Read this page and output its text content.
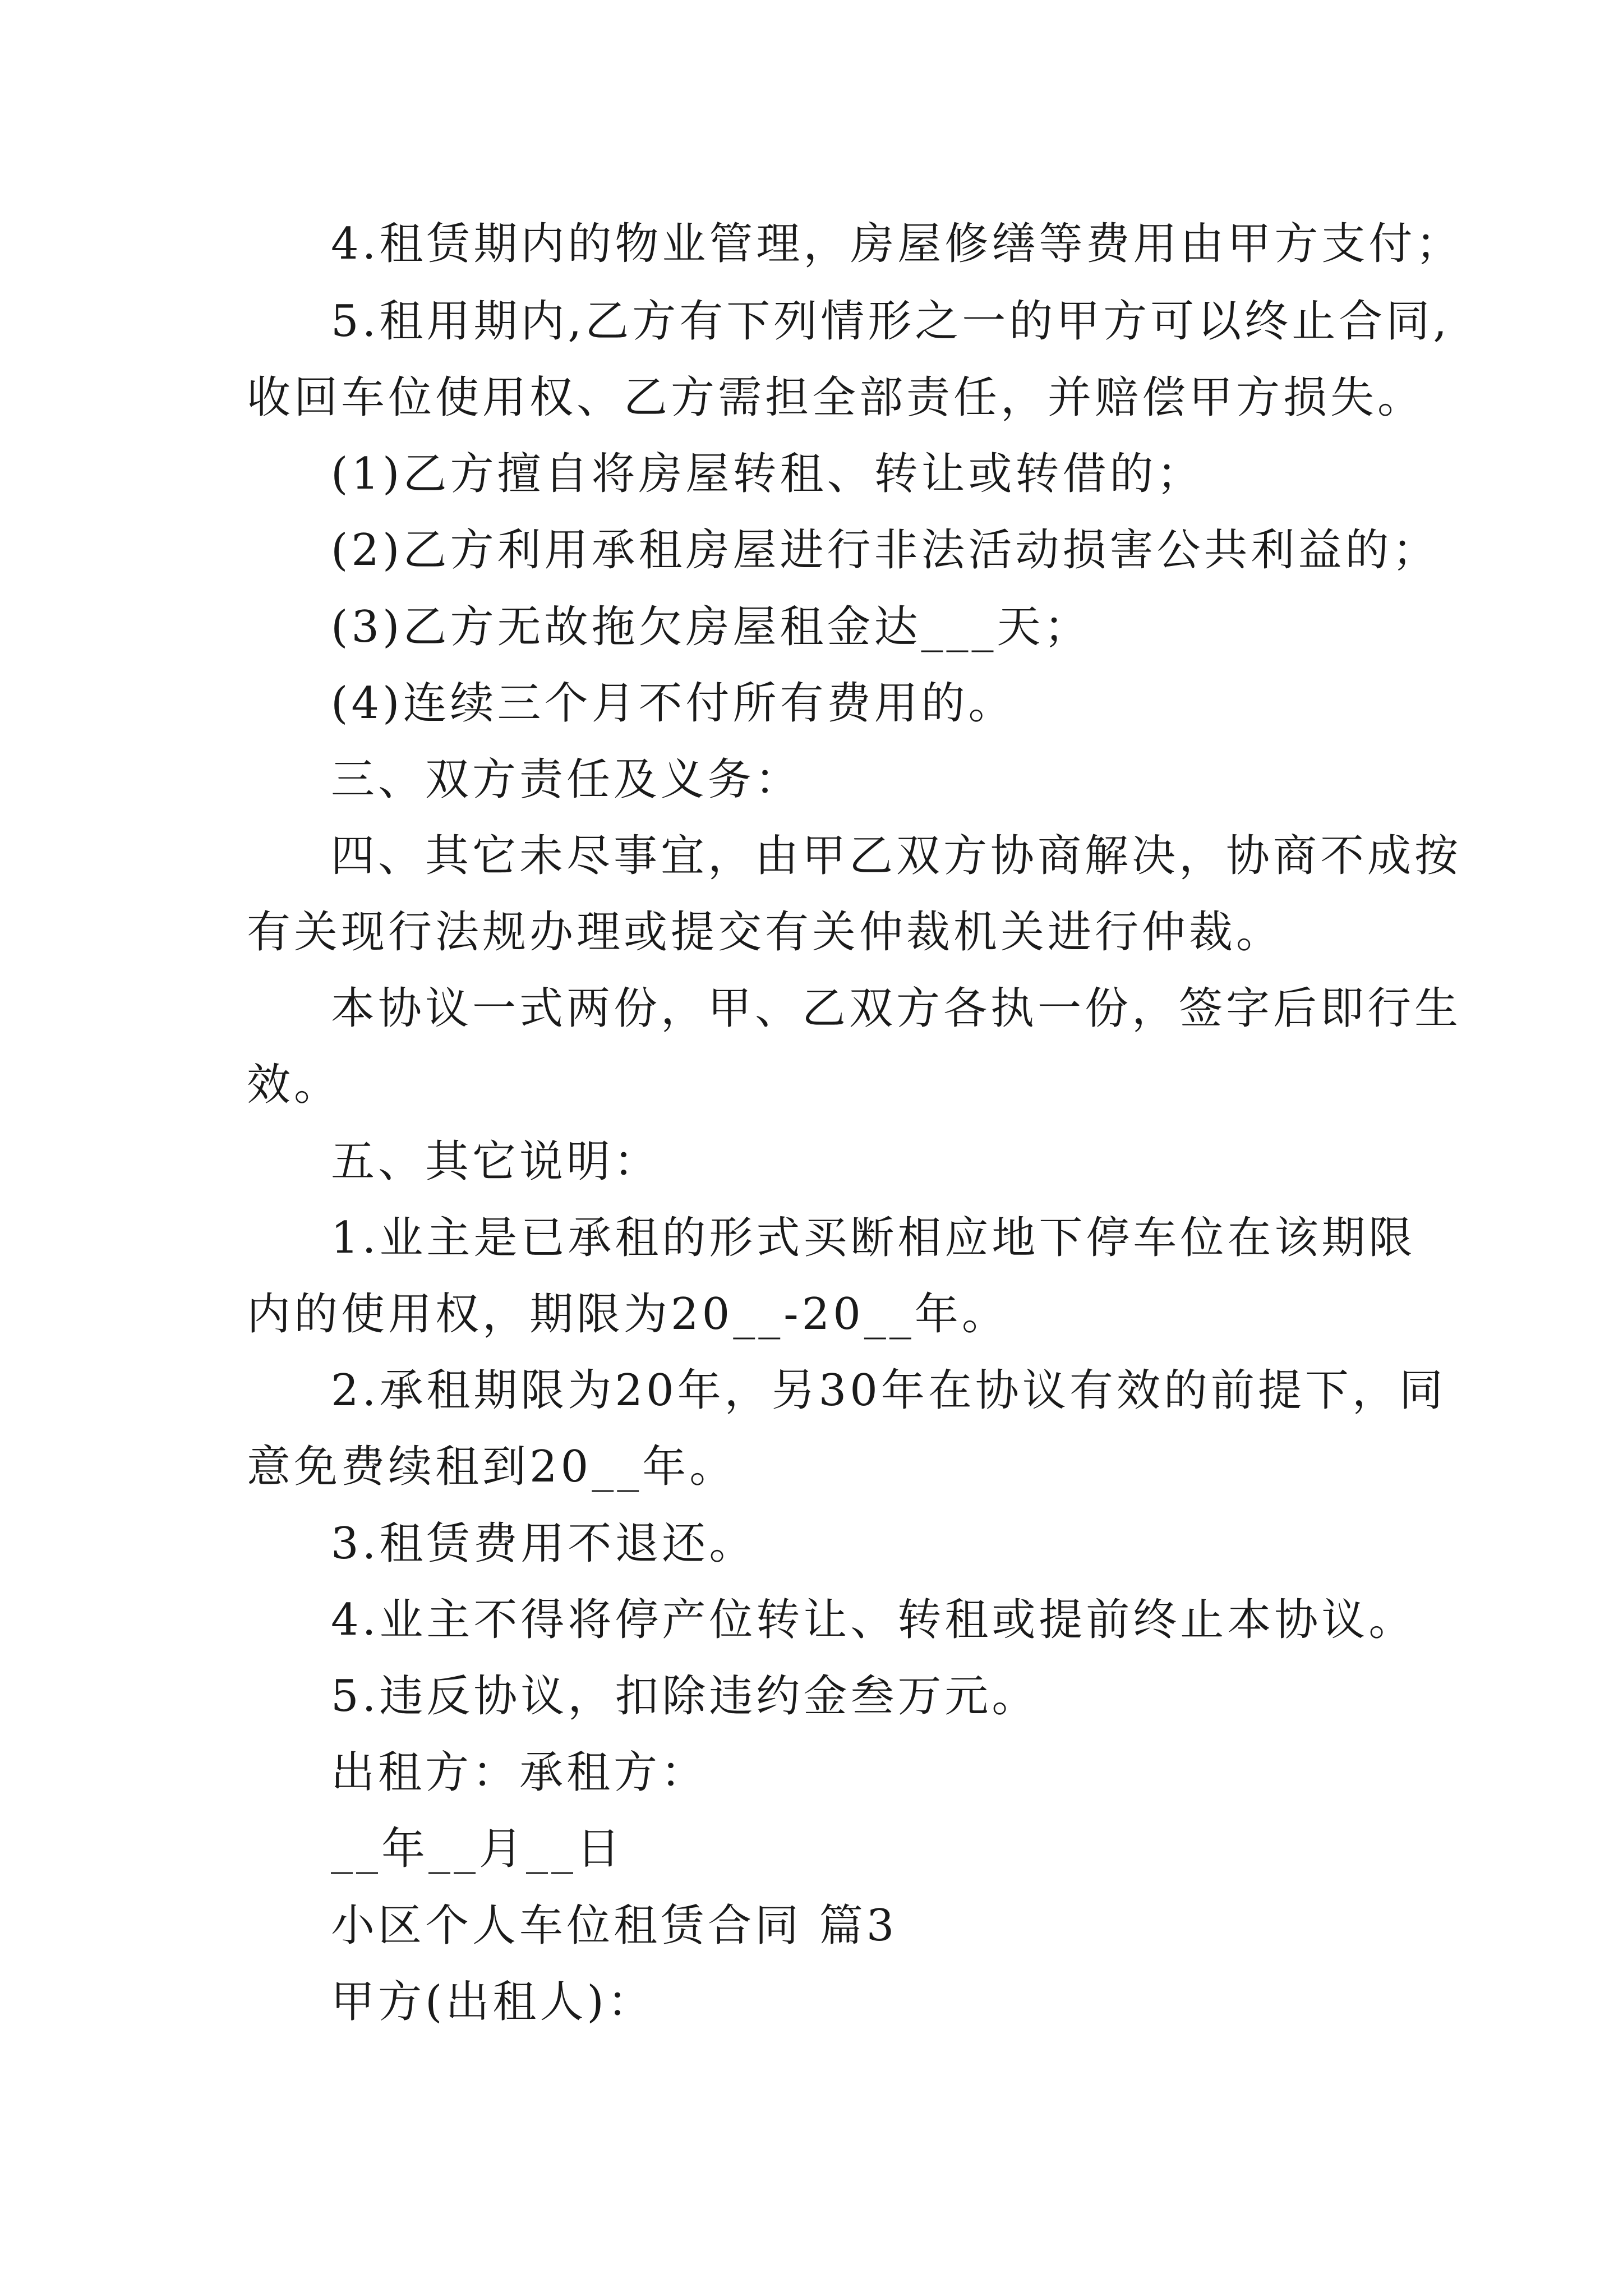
4.租赁期内的物业管理，房屋修缮等费用由甲方支付；
5.租用期内,乙方有下列情形之一的甲方可以终止合同,
收回车位使用权、乙方需担全部责任，并赔偿甲方损失。
(1)乙方擅自将房屋转租、转让或转借的；
(2)乙方利用承租房屋进行非法活动损害公共利益的；
(3)乙方无故拖欠房屋租金达___天；
(4)连续三个月不付所有费用的。
三、双方责任及义务：
四、其它未尽事宜，由甲乙双方协商解决，协商不成按
有关现行法规办理或提交有关仲裁机关进行仲裁。
本协议一式两份，甲、乙双方各执一份，签字后即行生
效。
五、其它说明：
1.业主是已承租的形式买断相应地下停车位在该期限
内的使用权，期限为20__-20__年。
2.承租期限为20年，另30年在协议有效的前提下，同
意免费续租到20__年。
3.租赁费用不退还。
4.业主不得将停产位转让、转租或提前终止本协议。
5.违反协议，扣除违约金叁万元。
出租方：承租方：
__年__月__日
小区个人车位租赁合同 篇3
甲方(出租人)：
